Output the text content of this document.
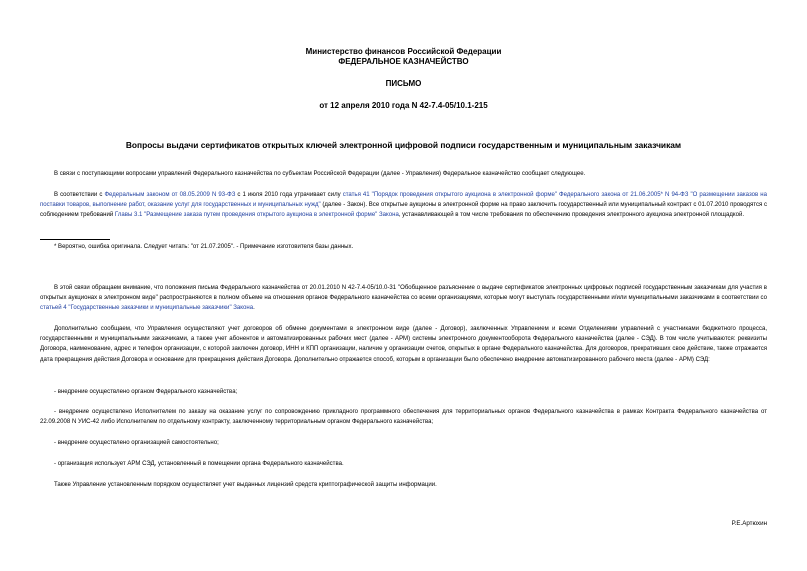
Министерство финансов Российской Федерации
ФЕДЕРАЛЬНОЕ КАЗНАЧЕЙСТВО
ПИСЬМО
от 12 апреля 2010 года N 42-7.4-05/10.1-215
Вопросы выдачи сертификатов открытых ключей электронной цифровой подписи государственным и муниципальным заказчикам

В связи с поступающими вопросами управлений Федерального казначейства по субъектам Российской Федерации (далее - Управления) Федеральное казначейство сообщает следующее.

В соответствии с Федеральным законом от 08.05.2009 N 93-ФЗ с 1 июля 2010 года утрачивает силу статья 41 "Порядок проведения открытого аукциона в электронной форме" Федерального закона от 21.06.2005* N 94-ФЗ "О размещении заказов на поставки товаров, выполнение работ, оказание услуг для государственных и муниципальных нужд" (далее - Закон). Все открытые аукционы в электронной форме на право заключить государственный или муниципальный контракт с 01.07.2010 проводятся с соблюдением требований Главы 3.1 "Размещение заказа путем проведения открытого аукциона в электронной форме" Закона, устанавливающей в том числе требования по обеспечению проведения электронного аукциона электронной площадкой.

* Вероятно, ошибка оригинала. Следует читать: "от 21.07.2005". - Примечание изготовителя базы данных.

В этой связи обращаем внимание, что положения письма Федерального казначейства от 20.01.2010 N 42-7.4-05/10.0-31 "Обобщенное разъяснение о выдаче сертификатов электронных цифровых подписей государственным заказчикам для участия в открытых аукционах в электронном виде" распространяются в полном объеме на отношения органов Федерального казначейства со всеми организациями, которые могут выступать государственными и/или муниципальными заказчиками в соответствии со статьей 4 "Государственные заказчики и муниципальные заказчики" Закона.

Дополнительно сообщаем, что Управления осуществляют учет договоров об обмене документами в электронном виде (далее - Договор), заключенных Управлением и всеми Отделениями управлений с участниками бюджетного процесса, государственными и муниципальными заказчиками, а также учет абонентов и автоматизированных рабочих мест (далее - АРМ) системы электронного документооборота Федерального казначейства (далее - СЭД). В том числе учитываются: реквизиты Договора, наименование, адрес и телефон организации, с которой заключен договор, ИНН и КПП организации, наличие у организации счетов, открытых в органе Федерального казначейства. Для договоров, прекративших свое действие, также отражается дата прекращения действия Договора и основание для прекращения действия Договора. Дополнительно отражается способ, которым в организации было обеспечено внедрение автоматизированного рабочего места (далее - АРМ) СЭД:

- внедрение осуществлено органом Федерального казначейства;

- внедрение осуществлено Исполнителем по заказу на оказание услуг по сопровождению прикладного программного обеспечения для территориальных органов Федерального казначейства в рамках Контракта Федерального казначейства от 22.09.2008 N УИС-42 либо Исполнителем по отдельному контракту, заключенному территориальным органом Федерального казначейства;

- внедрение осуществлено организацией самостоятельно;

- организация использует АРМ СЭД, установленный в помещении органа Федерального казначейства.

Также Управление установленным порядком осуществляет учет выданных лицензий средств криптографической защиты информации.

Р.Е.Артюхин
